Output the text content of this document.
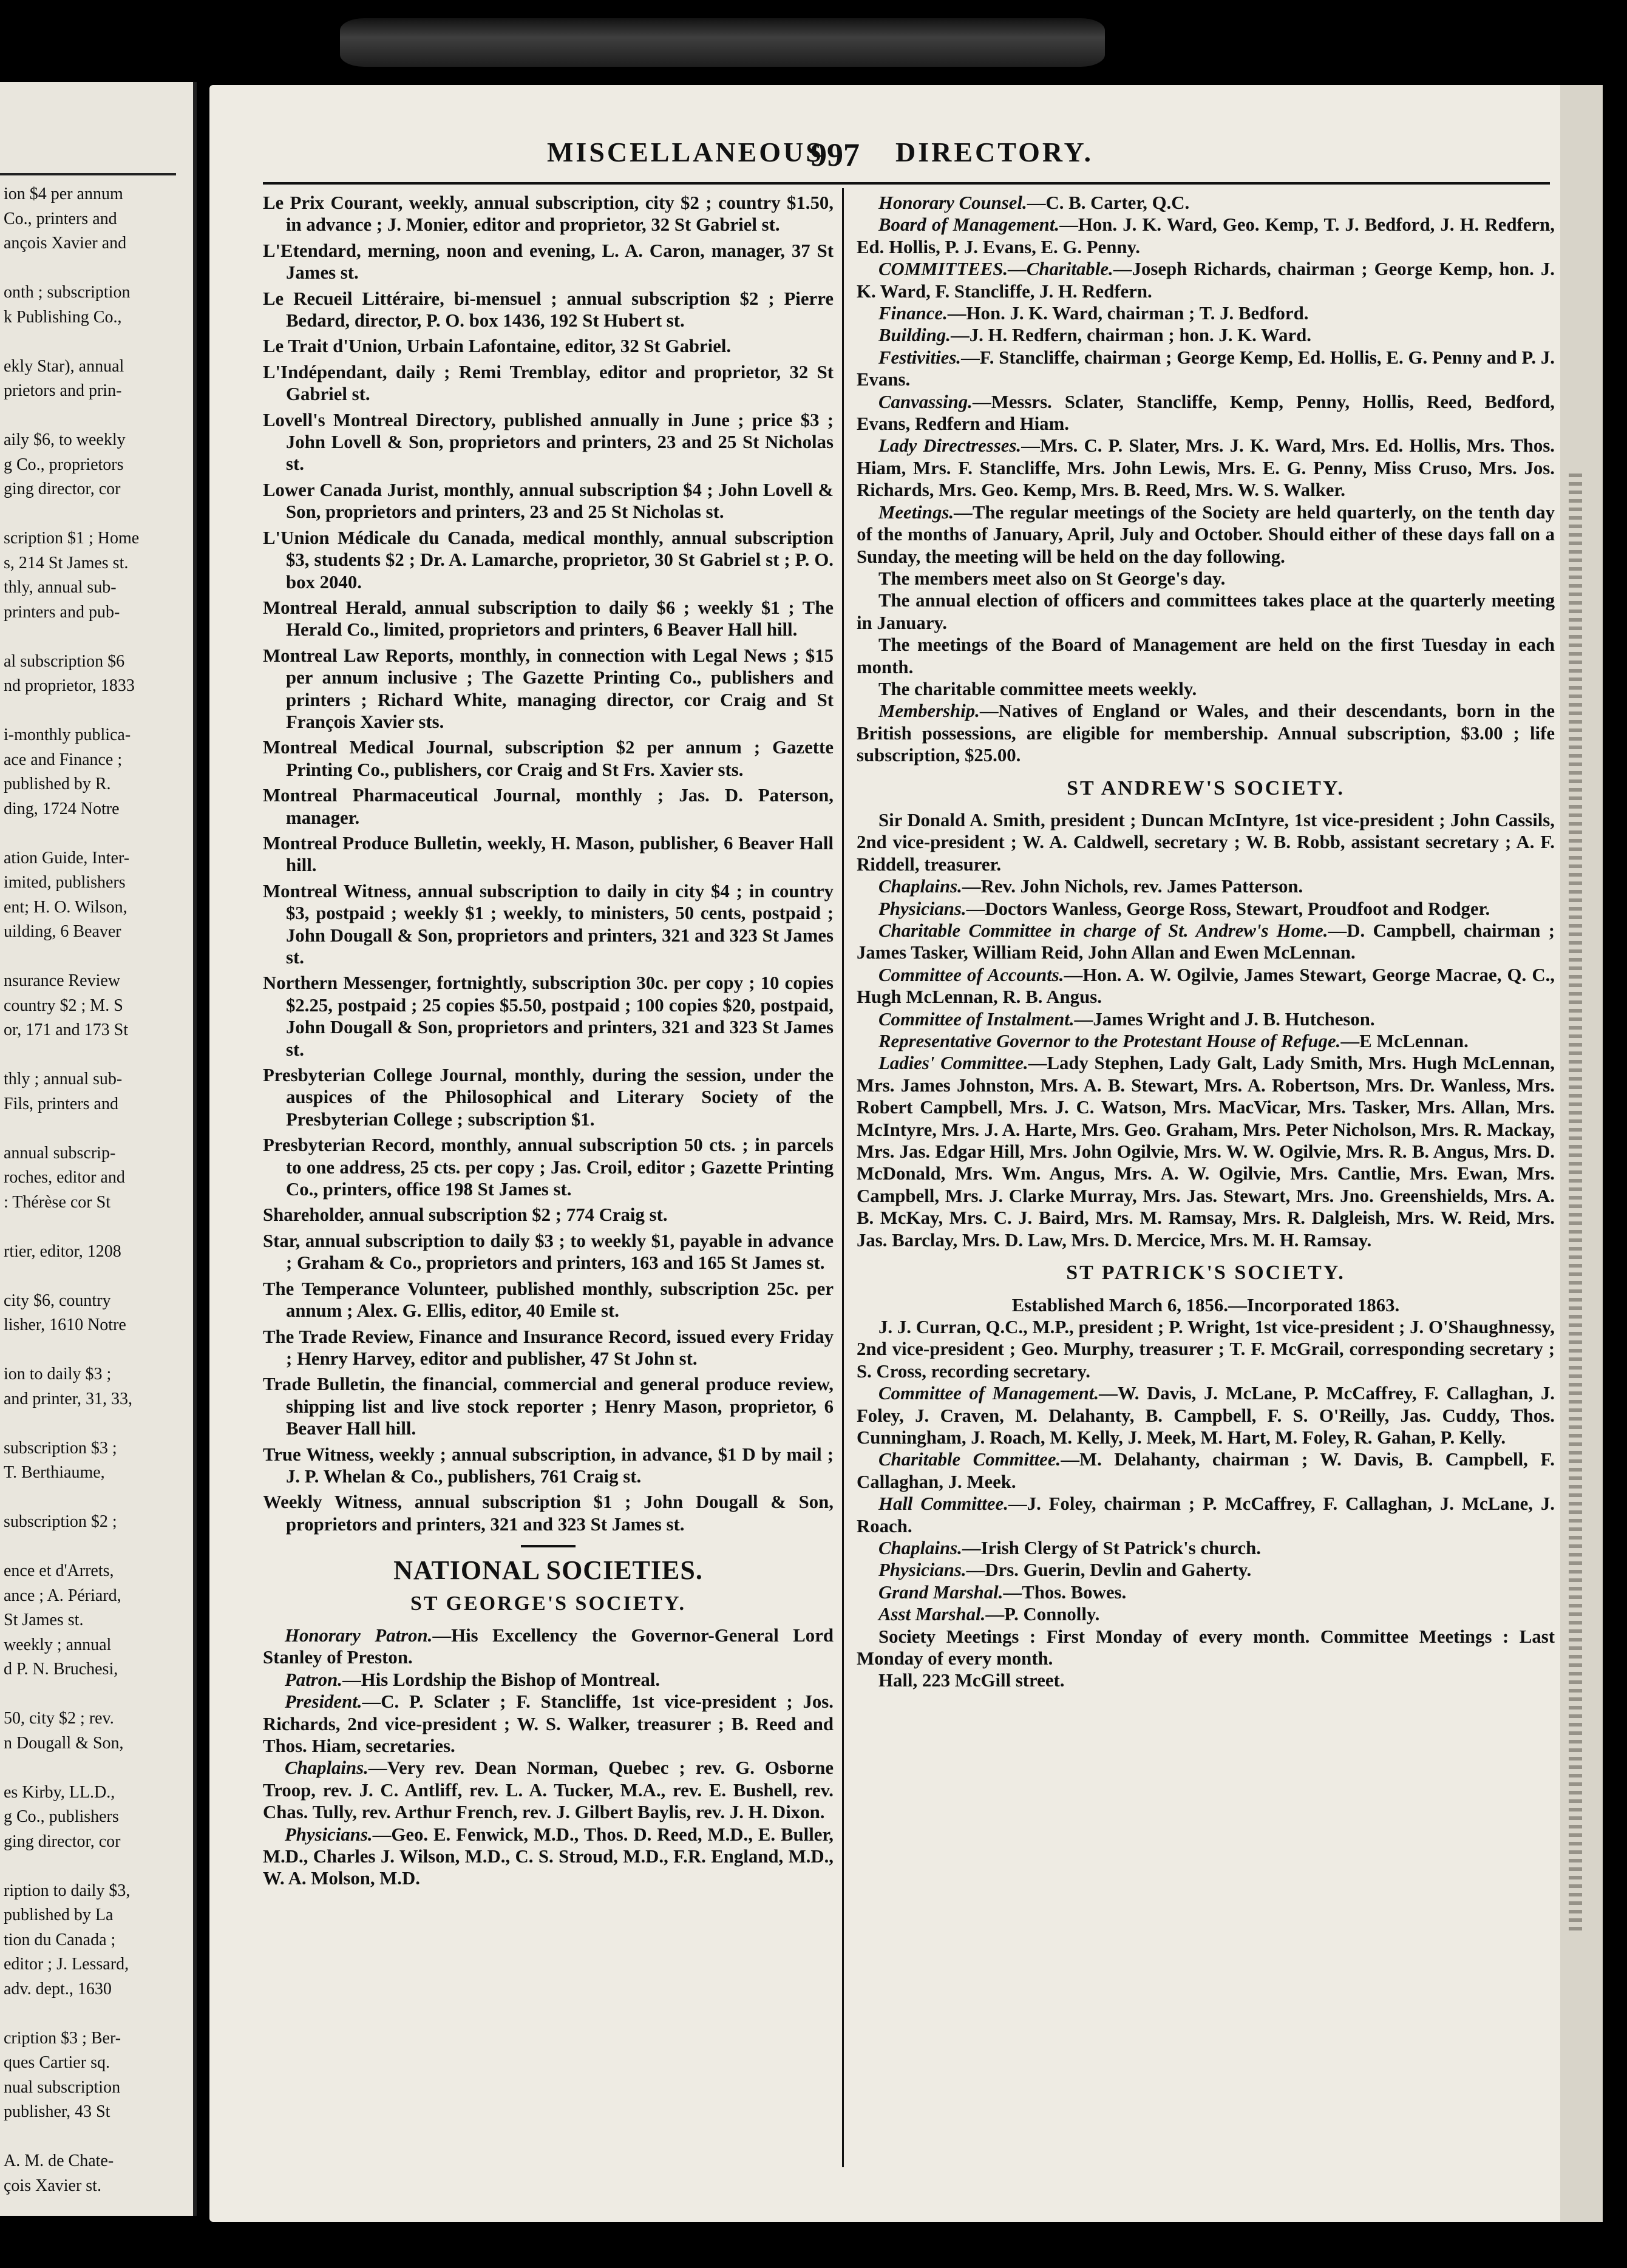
ion $4 per annum
Co., printers and
ançois Xavier and
onth ; subscription
k Publishing Co.,
ekly Star), annual
prietors and prin-
aily $6, to weekly
g Co., proprietors
ging director, cor
scription $1 ; Home
s, 214 St James st.
thly, annual sub-
printers and pub-
al subscription $6
nd proprietor, 1833
i-monthly publica-
ace and Finance ;
published by R.
ding, 1724 Notre
ation Guide, Inter-
imited, publishers
ent; H. O. Wilson,
uilding, 6 Beaver
nsurance Review
country $2 ; M. S
or, 171 and 173 St
thly ; annual sub-
Fils, printers and
annual subscrip-
roches, editor and
: Thérèse cor St
rtier, editor, 1208
city $6, country
lisher, 1610 Notre
ion to daily $3 ;
and printer, 31, 33,
subscription $3 ;
T. Berthiaume,
subscription $2 ;
ence et d'Arrets,
ance ; A. Périard,
St James st.
weekly ; annual
d P. N. Bruchesi,
50, city $2 ; rev.
n Dougall & Son,
es Kirby, LL.D.,
g Co., publishers
ging director, cor
ription to daily $3,
published by La
tion du Canada ;
editor ; J. Lessard,
adv. dept., 1630
cription $3 ; Ber-
ques Cartier sq.
nual subscription
publisher, 43 St
A. M. de Chate-
çois Xavier st.
MISCELLANEOUS
997 DIRECTORY.

Le Prix Courant, weekly, annual subscription, city $2 ; country $1.50, in advance ; J. Monier, editor and proprietor, 32 St Gabriel st.

L'Etendard, merning, noon and evening, L. A. Caron, manager, 37 St James st.

Le Recueil Littéraire, bi-mensuel ; annual subscription $2 ; Pierre Bedard, director, P. O. box 1436, 192 St Hubert st.

Le Trait d'Union, Urbain Lafontaine, editor, 32 St Gabriel.

L'Indépendant, daily ; Remi Tremblay, editor and proprietor, 32 St Gabriel st.

Lovell's Montreal Directory, published annually in June ; price $3 ; John Lovell & Son, proprietors and printers, 23 and 25 St Nicholas st.

Lower Canada Jurist, monthly, annual subscription $4 ; John Lovell & Son, proprietors and printers, 23 and 25 St Nicholas st.

L'Union Médicale du Canada, medical monthly, annual subscription $3, students $2 ; Dr. A. Lamarche, proprietor, 30 St Gabriel st ; P. O. box 2040.

Montreal Herald, annual subscription to daily $6 ; weekly $1 ; The Herald Co., limited, proprietors and printers, 6 Beaver Hall hill.

Montreal Law Reports, monthly, in connection with Legal News ; $15 per annum inclusive ; The Gazette Printing Co., publishers and printers ; Richard White, managing director, cor Craig and St François Xavier sts.

Montreal Medical Journal, subscription $2 per annum ; Gazette Printing Co., publishers, cor Craig and St Frs. Xavier sts.

Montreal Pharmaceutical Journal, monthly ; Jas. D. Paterson, manager.

Montreal Produce Bulletin, weekly, H. Mason, publisher, 6 Beaver Hall hill.

Montreal Witness, annual subscription to daily in city $4 ; in country $3, postpaid ; weekly $1 ; weekly, to ministers, 50 cents, postpaid ; John Dougall & Son, proprietors and printers, 321 and 323 St James st.

Northern Messenger, fortnightly, subscription 30c. per copy ; 10 copies $2.25, postpaid ; 25 copies $5.50, postpaid ; 100 copies $20, postpaid, John Dougall & Son, proprietors and printers, 321 and 323 St James st.

Presbyterian College Journal, monthly, during the session, under the auspices of the Philosophical and Literary Society of the Presbyterian College ; subscription $1.

Presbyterian Record, monthly, annual subscription 50 cts. ; in parcels to one address, 25 cts. per copy ; Jas. Croil, editor ; Gazette Printing Co., printers, office 198 St James st.

Shareholder, annual subscription $2 ; 774 Craig st.

Star, annual subscription to daily $3 ; to weekly $1, payable in advance ; Graham & Co., proprietors and printers, 163 and 165 St James st.

The Temperance Volunteer, published monthly, subscription 25c. per annum ; Alex. G. Ellis, editor, 40 Emile st.

The Trade Review, Finance and Insurance Record, issued every Friday ; Henry Harvey, editor and publisher, 47 St John st.

Trade Bulletin, the financial, commercial and general produce review, shipping list and live stock reporter ; Henry Mason, proprietor, 6 Beaver Hall hill.

True Witness, weekly ; annual subscription, in advance, $1 D by mail ; J. P. Whelan & Co., publishers, 761 Craig st.

Weekly Witness, annual subscription $1 ; John Dougall & Son, proprietors and printers, 321 and 323 St James st.

NATIONAL SOCIETIES.
ST GEORGE'S SOCIETY.

Honorary Patron.—His Excellency the Governor-General Lord Stanley of Preston.

Patron.—His Lordship the Bishop of Montreal.

President.—C. P. Sclater ; F. Stancliffe, 1st vice-president ; Jos. Richards, 2nd vice-president ; W. S. Walker, treasurer ; B. Reed and Thos. Hiam, secretaries.

Chaplains.—Very rev. Dean Norman, Quebec ; rev. G. Osborne Troop, rev. J. C. Antliff, rev. L. A. Tucker, M.A., rev. E. Bushell, rev. Chas. Tully, rev. Arthur French, rev. J. Gilbert Baylis, rev. J. H. Dixon.

Physicians.—Geo. E. Fenwick, M.D., Thos. D. Reed, M.D., E. Buller, M.D., Charles J. Wilson, M.D., C. S. Stroud, M.D., F.R. England, M.D., W. A. Molson, M.D.

Honorary Counsel.—C. B. Carter, Q.C.

Board of Management.—Hon. J. K. Ward, Geo. Kemp, T. J. Bedford, J. H. Redfern, Ed. Hollis, P. J. Evans, E. G. Penny.

COMMITTEES.—Charitable.—Joseph Richards, chairman ; George Kemp, hon. J. K. Ward, F. Stancliffe, J. H. Redfern.

Finance.—Hon. J. K. Ward, chairman ; T. J. Bedford.

Building.—J. H. Redfern, chairman ; hon. J. K. Ward.

Festivities.—F. Stancliffe, chairman ; George Kemp, Ed. Hollis, E. G. Penny and P. J. Evans.

Canvassing.—Messrs. Sclater, Stancliffe, Kemp, Penny, Hollis, Reed, Bedford, Evans, Redfern and Hiam.

Lady Directresses.—Mrs. C. P. Slater, Mrs. J. K. Ward, Mrs. Ed. Hollis, Mrs. Thos. Hiam, Mrs. F. Stancliffe, Mrs. John Lewis, Mrs. E. G. Penny, Miss Cruso, Mrs. Jos. Richards, Mrs. Geo. Kemp, Mrs. B. Reed, Mrs. W. S. Walker.

Meetings.—The regular meetings of the Society are held quarterly, on the tenth day of the months of January, April, July and October. Should either of these days fall on a Sunday, the meeting will be held on the day following.

The members meet also on St George's day.

The annual election of officers and committees takes place at the quarterly meeting in January.

The meetings of the Board of Management are held on the first Tuesday in each month.

The charitable committee meets weekly.

Membership.—Natives of England or Wales, and their descendants, born in the British possessions, are eligible for membership. Annual subscription, $3.00 ; life subscription, $25.00.

ST ANDREW'S SOCIETY.

Sir Donald A. Smith, president ; Duncan McIntyre, 1st vice-president ; John Cassils, 2nd vice-president ; W. A. Caldwell, secretary ; W. B. Robb, assistant secretary ; A. F. Riddell, treasurer.

Chaplains.—Rev. John Nichols, rev. James Patterson.

Physicians.—Doctors Wanless, George Ross, Stewart, Proudfoot and Rodger.

Charitable Committee in charge of St. Andrew's Home.—D. Campbell, chairman ; James Tasker, William Reid, John Allan and Ewen McLennan.

Committee of Accounts.—Hon. A. W. Ogilvie, James Stewart, George Macrae, Q. C., Hugh McLennan, R. B. Angus.

Committee of Instalment.—James Wright and J. B. Hutcheson.

Representative Governor to the Protestant House of Refuge.—E McLennan.

Ladies' Committee.—Lady Stephen, Lady Galt, Lady Smith, Mrs. Hugh McLennan, Mrs. James Johnston, Mrs. A. B. Stewart, Mrs. A. Robertson, Mrs. Dr. Wanless, Mrs. Robert Campbell, Mrs. J. C. Watson, Mrs. MacVicar, Mrs. Tasker, Mrs. Allan, Mrs. McIntyre, Mrs. J. A. Harte, Mrs. Geo. Graham, Mrs. Peter Nicholson, Mrs. R. Mackay, Mrs. Jas. Edgar Hill, Mrs. John Ogilvie, Mrs. W. W. Ogilvie, Mrs. R. B. Angus, Mrs. D. McDonald, Mrs. Wm. Angus, Mrs. A. W. Ogilvie, Mrs. Cantlie, Mrs. Ewan, Mrs. Campbell, Mrs. J. Clarke Murray, Mrs. Jas. Stewart, Mrs. Jno. Greenshields, Mrs. A. B. McKay, Mrs. C. J. Baird, Mrs. M. Ramsay, Mrs. R. Dalgleish, Mrs. W. Reid, Mrs. Jas. Barclay, Mrs. D. Law, Mrs. D. Mercice, Mrs. M. H. Ramsay.

ST PATRICK'S SOCIETY.
Established March 6, 1856.—Incorporated 1863.

J. J. Curran, Q.C., M.P., president ; P. Wright, 1st vice-president ; J. O'Shaughnessy, 2nd vice-president ; Geo. Murphy, treasurer ; T. F. McGrail, corresponding secretary ; S. Cross, recording secretary.

Committee of Management.—W. Davis, J. McLane, P. McCaffrey, F. Callaghan, J. Foley, J. Craven, M. Delahanty, B. Campbell, F. S. O'Reilly, Jas. Cuddy, Thos. Cunningham, J. Roach, M. Kelly, J. Meek, M. Hart, M. Foley, R. Gahan, P. Kelly.

Charitable Committee.—M. Delahanty, chairman ; W. Davis, B. Campbell, F. Callaghan, J. Meek.

Hall Committee.—J. Foley, chairman ; P. McCaffrey, F. Callaghan, J. McLane, J. Roach.

Chaplains.—Irish Clergy of St Patrick's church.

Physicians.—Drs. Guerin, Devlin and Gaherty.

Grand Marshal.—Thos. Bowes.

Asst Marshal.—P. Connolly.

Society Meetings : First Monday of every month. Committee Meetings : Last Monday of every month.

Hall, 223 McGill street.
